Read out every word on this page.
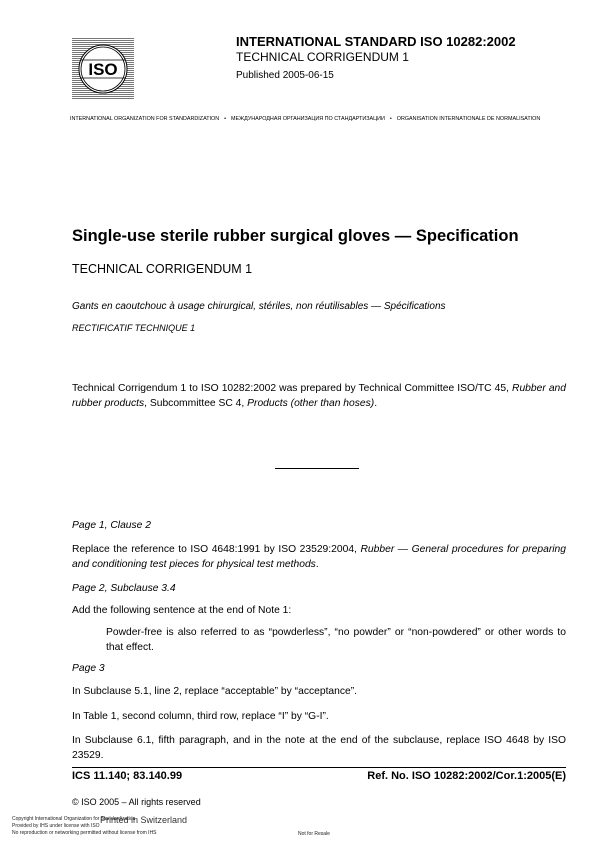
ISO
INTERNATIONAL STANDARD ISO 10282:2002
TECHNICAL CORRIGENDUM 1
Published 2005-06-15
INTERNATIONAL ORGANIZATION FOR STANDARDIZATION • МЕЖДУНАРОДНАЯ ОРГАНИЗАЦИЯ ПО СТАНДАРТИЗАЦИИ • ORGANISATION INTERNATIONALE DE NORMALISATION
Single-use sterile rubber surgical gloves — Specification
TECHNICAL CORRIGENDUM 1
Gants en caoutchouc à usage chirurgical, stériles, non réutilisables — Spécifications
RECTIFICATIF TECHNIQUE 1
Technical Corrigendum 1 to ISO 10282:2002 was prepared by Technical Committee ISO/TC 45, Rubber and rubber products, Subcommittee SC 4, Products (other than hoses).
Page 1, Clause 2
Replace the reference to ISO 4648:1991 by ISO 23529:2004, Rubber — General procedures for preparing and conditioning test pieces for physical test methods.
Page 2, Subclause 3.4
Add the following sentence at the end of Note 1:
Powder-free is also referred to as “powderless”, “no powder” or “non-powdered” or other words to that effect.
Page 3
In Subclause 5.1, line 2, replace “acceptable” by “acceptance”.
In Table 1, second column, third row, replace “I” by “G-I”.
In Subclause 6.1, fifth paragraph, and in the note at the end of the subclause, replace ISO 4648 by ISO 23529.
ICS 11.140; 83.140.99	Ref. No. ISO 10282:2002/Cor.1:2005(E)
© ISO 2005 – All rights reserved
Printed in Switzerland
Copyright International Organization for Standardization
Provided by IHS under license with ISO
No reproduction or networking permitted without license from IHS	Not for Resale
